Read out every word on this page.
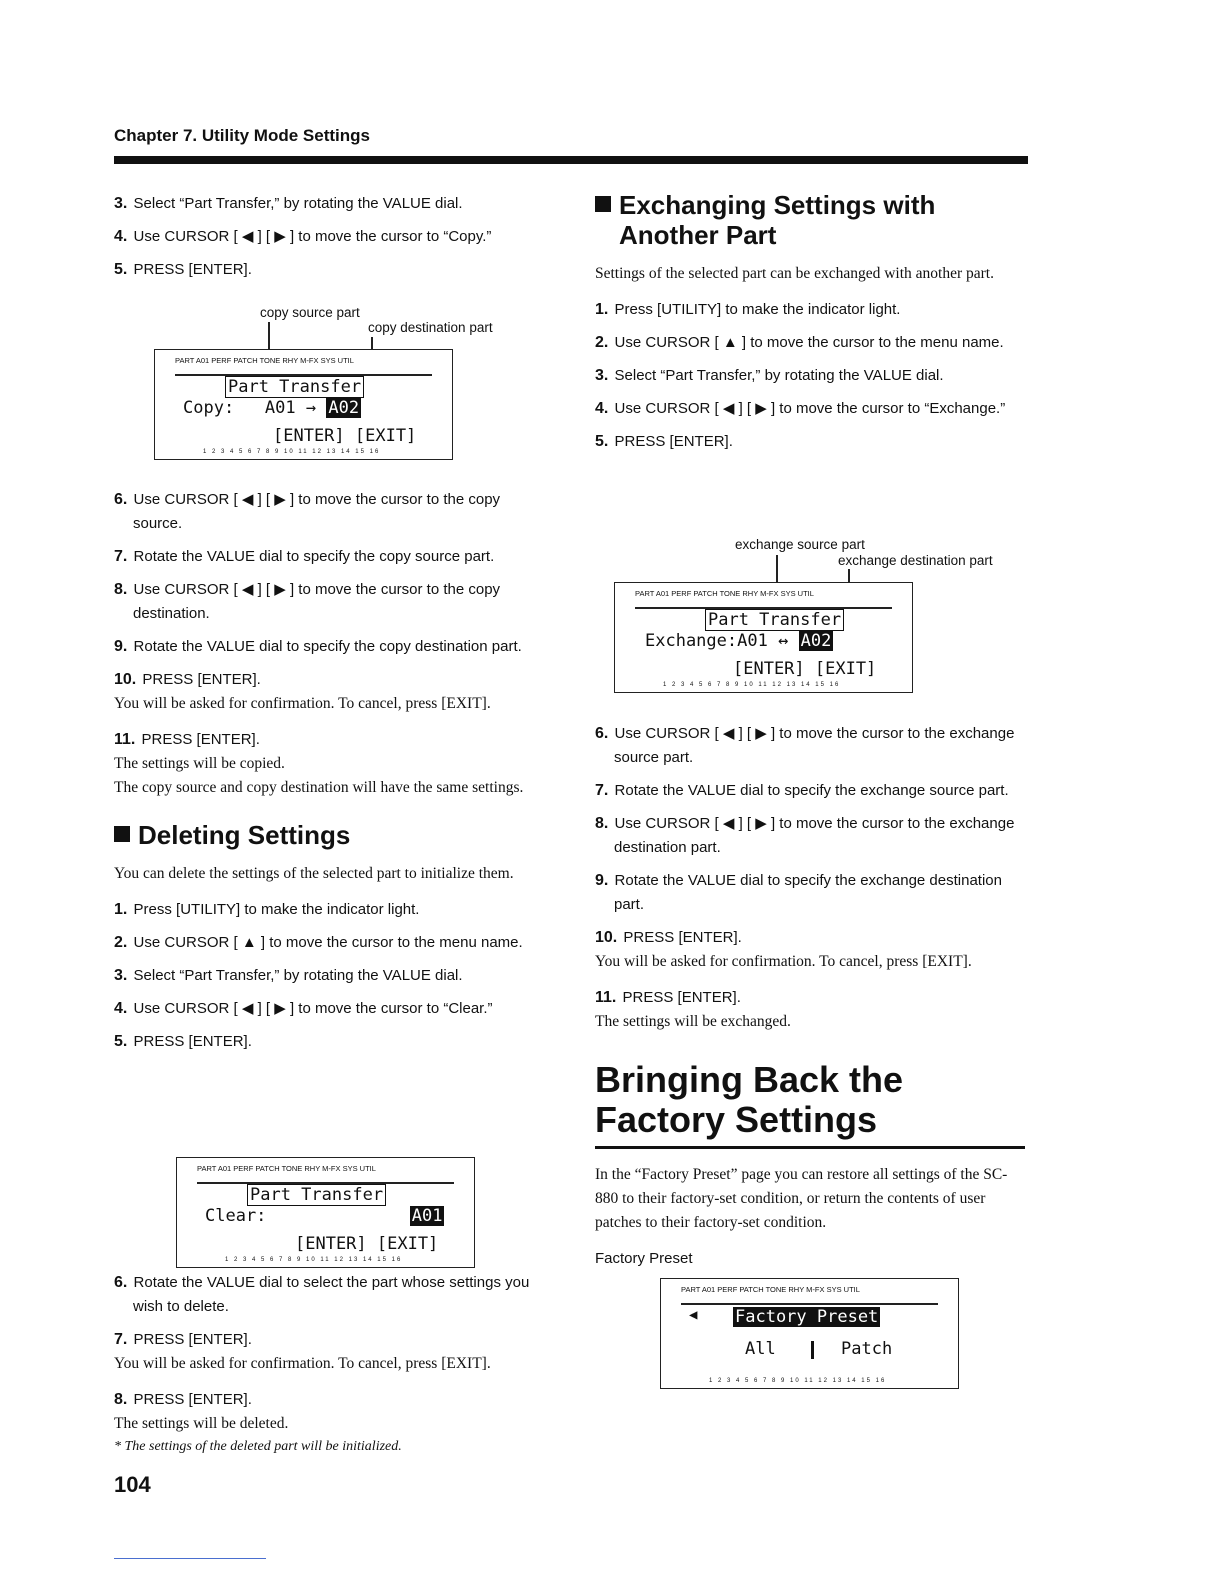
Chapter 7. Utility Mode Settings
3. Select “Part Transfer,” by rotating the VALUE dial.
4. Use CURSOR [ ◀ ] [ ▶ ] to move the cursor to “Copy.”
5. PRESS [ENTER].
copy source part
copy destination part
PART A01 PERF PATCH TONE RHY M-FX SYS UTIL
Part Transfer
Copy: A01 → A02
[ENTER] [EXIT]
1 2 3 4 5 6 7 8 9 10 11 12 13 14 15 16
6. Use CURSOR [ ◀ ] [ ▶ ] to move the cursor to the copy source.
7. Rotate the VALUE dial to specify the copy source part.
8. Use CURSOR [ ◀ ] [ ▶ ] to move the cursor to the copy destination.
9. Rotate the VALUE dial to specify the copy destination part.
10. PRESS [ENTER].

You will be asked for confirmation. To cancel, press [EXIT].

11. PRESS [ENTER].

The settings will be copied.

The copy source and copy destination will have the same settings.

Deleting Settings

You can delete the settings of the selected part to initialize them.

1. Press [UTILITY] to make the indicator light.
2. Use CURSOR [ ▲ ] to move the cursor to the menu name.
3. Select “Part Transfer,” by rotating the VALUE dial.
4. Use CURSOR [ ◀ ] [ ▶ ] to move the cursor to “Clear.”
5. PRESS [ENTER].
PART A01 PERF PATCH TONE RHY M-FX SYS UTIL
Part Transfer
Clear:	A01
[ENTER] [EXIT]
1 2 3 4 5 6 7 8 9 10 11 12 13 14 15 16
6. Rotate the VALUE dial to select the part whose settings you wish to delete.
7. PRESS [ENTER].

You will be asked for confirmation. To cancel, press [EXIT].

8. PRESS [ENTER].

The settings will be deleted.

* The settings of the deleted part will be initialized.
Exchanging Settings with
Another Part

Settings of the selected part can be exchanged with another part.

1. Press [UTILITY] to make the indicator light.
2. Use CURSOR [ ▲ ] to move the cursor to the menu name.
3. Select “Part Transfer,” by rotating the VALUE dial.
4. Use CURSOR [ ◀ ] [ ▶ ] to move the cursor to “Exchange.”
5. PRESS [ENTER].
exchange source part
exchange destination part
PART A01 PERF PATCH TONE RHY M-FX SYS UTIL
Part Transfer
Exchange:A01 ↔ A02
[ENTER] [EXIT]
1 2 3 4 5 6 7 8 9 10 11 12 13 14 15 16
6. Use CURSOR [ ◀ ] [ ▶ ] to move the cursor to the exchange source part.
7. Rotate the VALUE dial to specify the exchange source part.
8. Use CURSOR [ ◀ ] [ ▶ ] to move the cursor to the exchange destination part.
9. Rotate the VALUE dial to specify the exchange destination part.
10. PRESS [ENTER].

You will be asked for confirmation. To cancel, press [EXIT].

11. PRESS [ENTER].

The settings will be exchanged.

Bringing Back the Factory Settings

In the “Factory Preset” page you can restore all settings of the SC-880 to their factory-set condition, or return the contents of user patches to their factory-set condition.

Factory Preset
PART A01 PERF PATCH TONE RHY M-FX SYS UTIL
◀ Factory Preset
All	Patch
1 2 3 4 5 6 7 8 9 10 11 12 13 14 15 16
104
